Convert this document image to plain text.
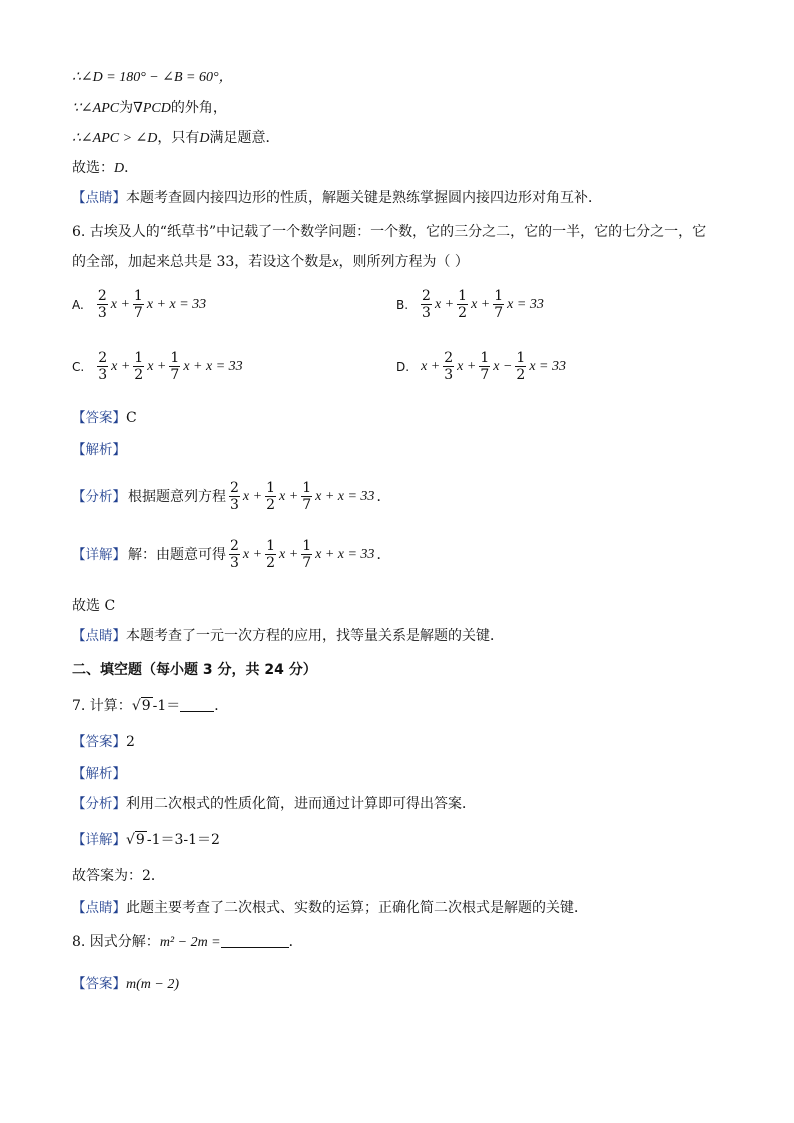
∴∠D = 180° − ∠B = 60°，
∵∠APC为∇PCD的外角，
∴∠APC > ∠D，只有D满足题意．
故选：D．
【点睛】本题考查圆内接四边形的性质，解题关键是熟练掌握圆内接四边形对角互补．
6. 古埃及人的“纸草书”中记载了一个数学问题：一个数，它的三分之二，它的一半，它的七分之一，它
的全部，加起来总共是 33，若设这个数是x，则所列方程为（ ）
A. $\frac{2}{3}$ $x + \frac{1}{7}$ x + x = 33	B. $\frac{2}{3}$ $x + \frac{1}{2}$ $x + \frac{1}{7}$ x = 33
C. $\frac{2}{3}$ $x + \frac{1}{2}$ $x + \frac{1}{7}$ x + x = 33	D. $x + \frac{2}{3}$ $x + \frac{1}{7}$ $x - \frac{1}{2}$ x = 33
【答案】C
【解析】
【分析】 根据题意列方程 $\frac{2}{3}$ $x + \frac{1}{2}$ $x + \frac{1}{7}$ x + x = 33 ．
【详解】 解：由题意可得 $\frac{2}{3}$ $x + \frac{1}{2}$ $x + \frac{1}{7}$ x + x = 33 ．
故选 C
【点睛】本题考查了一元一次方程的应用，找等量关系是解题的关键．
二、填空题（每小题 3 分，共 24 分）
7. 计算：√9 -1＝ ．
【答案】2
【解析】
【分析】利用二次根式的性质化简，进而通过计算即可得出答案．
【详解】√9 -1＝3-1＝2
故答案为：2．
【点睛】此题主要考查了二次根式、实数的运算；正确化简二次根式是解题的关键．
8. 因式分解：m² − 2m =	．
【答案】m(m − 2)
